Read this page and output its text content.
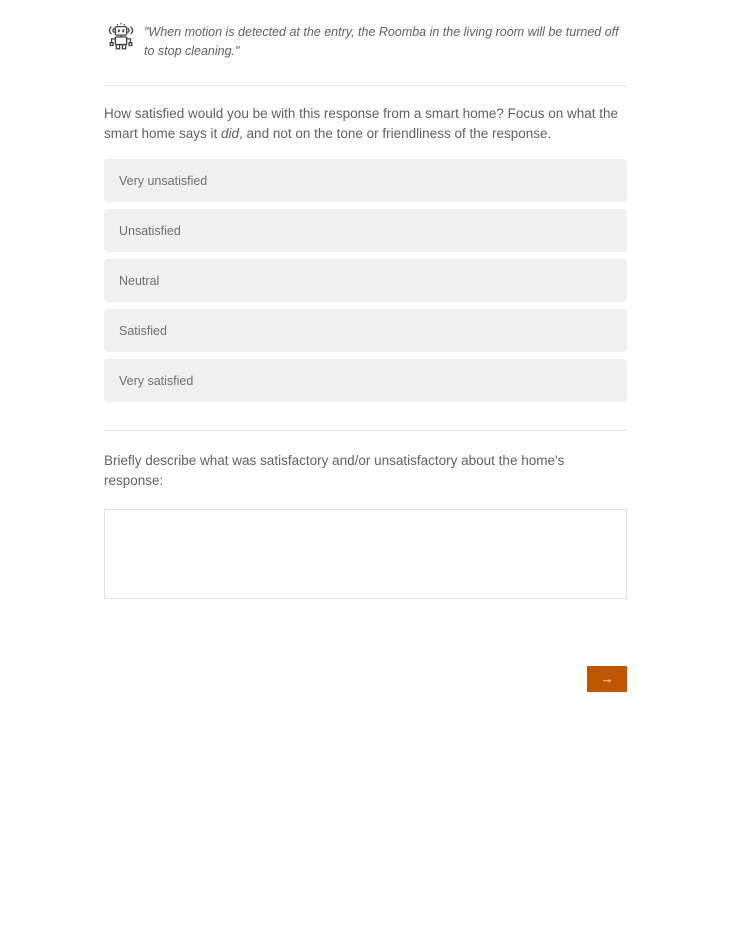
"When motion is detected at the entry, the Roomba in the living room will be turned off to stop cleaning."
How satisfied would you be with this response from a smart home? Focus on what the smart home says it did, and not on the tone or friendliness of the response.
Very unsatisfied
Unsatisfied
Neutral
Satisfied
Very satisfied
Briefly describe what was satisfactory and/or unsatisfactory about the home's response:
→
